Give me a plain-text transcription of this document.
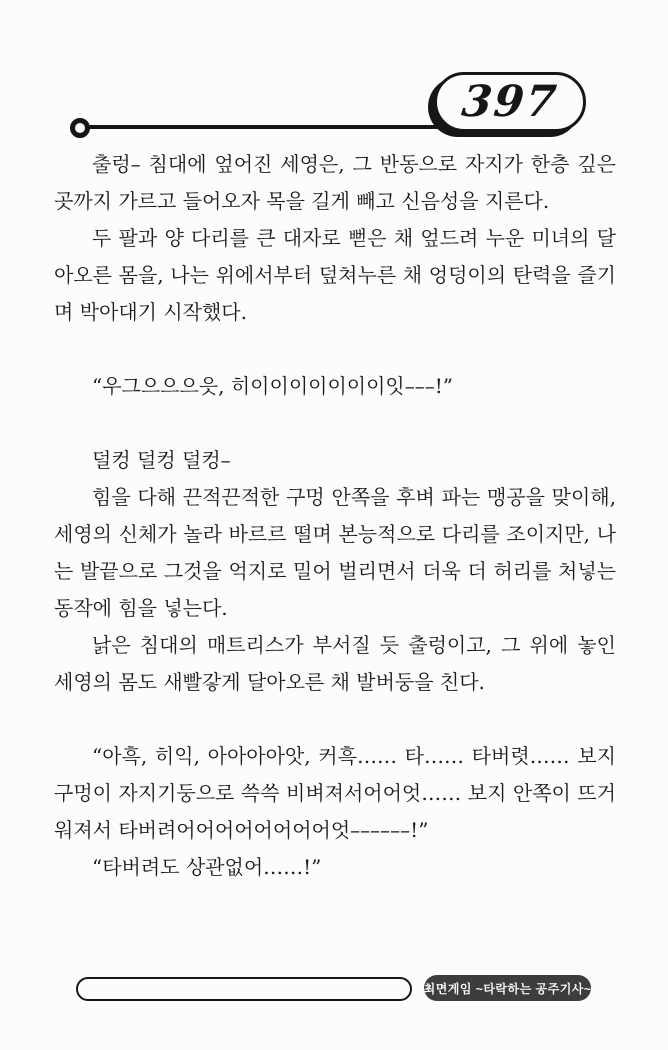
397

출렁– 침대에 엎어진 세영은, 그 반동으로 자지가 한층 깊은 곳까지 가르고 들어오자 목을 길게 빼고 신음성을 지른다.

두 팔과 양 다리를 큰 대자로 뻗은 채 엎드려 누운 미녀의 달아오른 몸을, 나는 위에서부터 덮쳐누른 채 엉덩이의 탄력을 즐기며 박아대기 시작했다.

“우그으으으읏, 히이이이이이이이잇–––!”

덜컹 덜컹 덜컹–

힘을 다해 끈적끈적한 구멍 안쪽을 후벼 파는 맹공을 맞이해, 세영의 신체가 놀라 바르르 떨며 본능적으로 다리를 조이지만, 나는 발끝으로 그것을 억지로 밀어 벌리면서 더욱 더 허리를 처넣는 동작에 힘을 넣는다.

낡은 침대의 매트리스가 부서질 듯 출렁이고, 그 위에 놓인 세영의 몸도 새빨갛게 달아오른 채 발버둥을 친다.

“아흑, 히익, 아아아아앗, 커흑…… 타…… 타버렷…… 보지구멍이 자지기둥으로 쓱쓱 비벼져서어어엇…… 보지 안쪽이 뜨거워져서 타버려어어어어어어어어엇––––––!”

“타버려도 상관없어……!”

최면게임 ~타락하는 공주기사~
